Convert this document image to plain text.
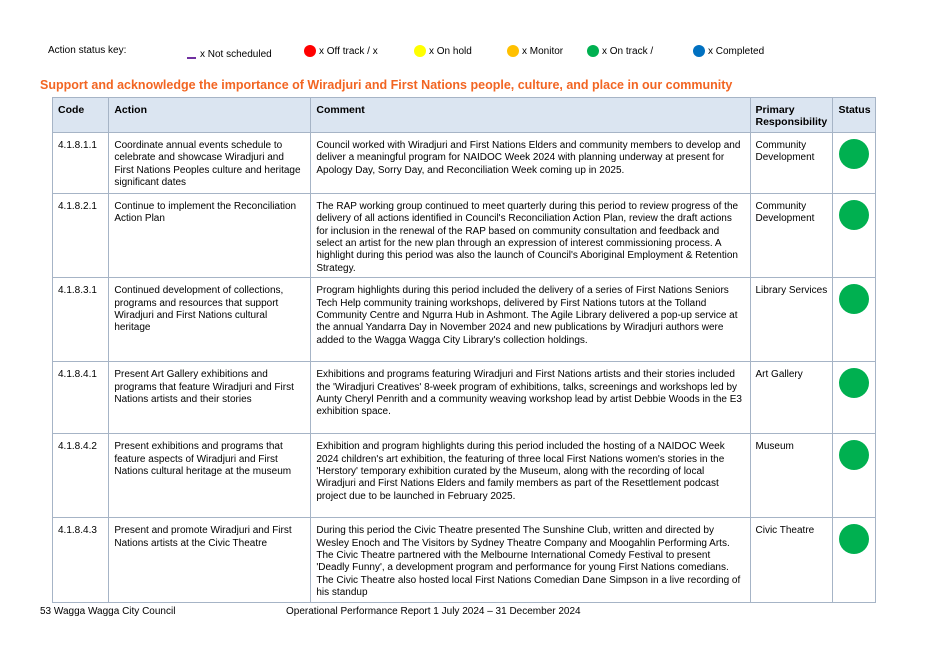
Action status key:	x Not scheduled	x Off track / x	x On hold	x Monitor	x On track /	x Completed
Support and acknowledge the importance of Wiradjuri and First Nations people, culture, and place in our community
Code	Action	Comment	Primary Responsibility	Status
4.1.8.1.1	Coordinate annual events schedule to celebrate and showcase Wiradjuri and First Nations Peoples culture and heritage significant dates	Council worked with Wiradjuri and First Nations Elders and community members to develop and deliver a meaningful program for NAIDOC Week 2024 with planning underway at present for Apology Day, Sorry Day, and Reconciliation Week coming up in 2025.	Community Development	
4.1.8.2.1	Continue to implement the Reconciliation Action Plan	The RAP working group continued to meet quarterly during this period to review progress of the delivery of all actions identified in Council's Reconciliation Action Plan, review the draft actions for inclusion in the renewal of the RAP based on community consultation and feedback and select an artist for the new plan through an expression of interest commissioning process. A highlight during this period was also the launch of Council's Aboriginal Employment & Retention Strategy.	Community Development	
4.1.8.3.1	Continued development of collections, programs and resources that support Wiradjuri and First Nations cultural heritage	Program highlights during this period included the delivery of a series of First Nations Seniors Tech Help community training workshops, delivered by First Nations tutors at the Tolland Community Centre and Ngurra Hub in Ashmont. The Agile Library delivered a pop-up service at the annual Yandarra Day in November 2024 and new publications by Wiradjuri authors were added to the Wagga Wagga City Library's collection holdings.	Library Services	
4.1.8.4.1	Present Art Gallery exhibitions and programs that feature Wiradjuri and First Nations artists and their stories	Exhibitions and programs featuring Wiradjuri and First Nations artists and their stories included the 'Wiradjuri Creatives' 8-week program of exhibitions, talks, screenings and workshops led by Aunty Cheryl Penrith and a community weaving workshop lead by artist Debbie Woods in the E3 exhibition space.	Art Gallery	
4.1.8.4.2	Present exhibitions and programs that feature aspects of Wiradjuri and First Nations cultural heritage at the museum	Exhibition and program highlights during this period included the hosting of a NAIDOC Week 2024 children's art exhibition, the featuring of three local First Nations women's stories in the 'Herstory' temporary exhibition curated by the Museum, along with the recording of local Wiradjuri and First Nations Elders and family members as part of the Resettlement podcast project due to be launched in February 2025.	Museum	
4.1.8.4.3	Present and promote Wiradjuri and First Nations artists at the Civic Theatre	During this period the Civic Theatre presented The Sunshine Club, written and directed by Wesley Enoch and The Visitors by Sydney Theatre Company and Moogahlin Performing Arts. The Civic Theatre partnered with the Melbourne International Comedy Festival to present 'Deadly Funny', a development program and performance for young First Nations comedians. The Civic Theatre also hosted local First Nations Comedian Dane Simpson in a live recording of his standup	Civic Theatre	
53 Wagga Wagga City Council	Operational Performance Report 1 July 2024 – 31 December 2024
